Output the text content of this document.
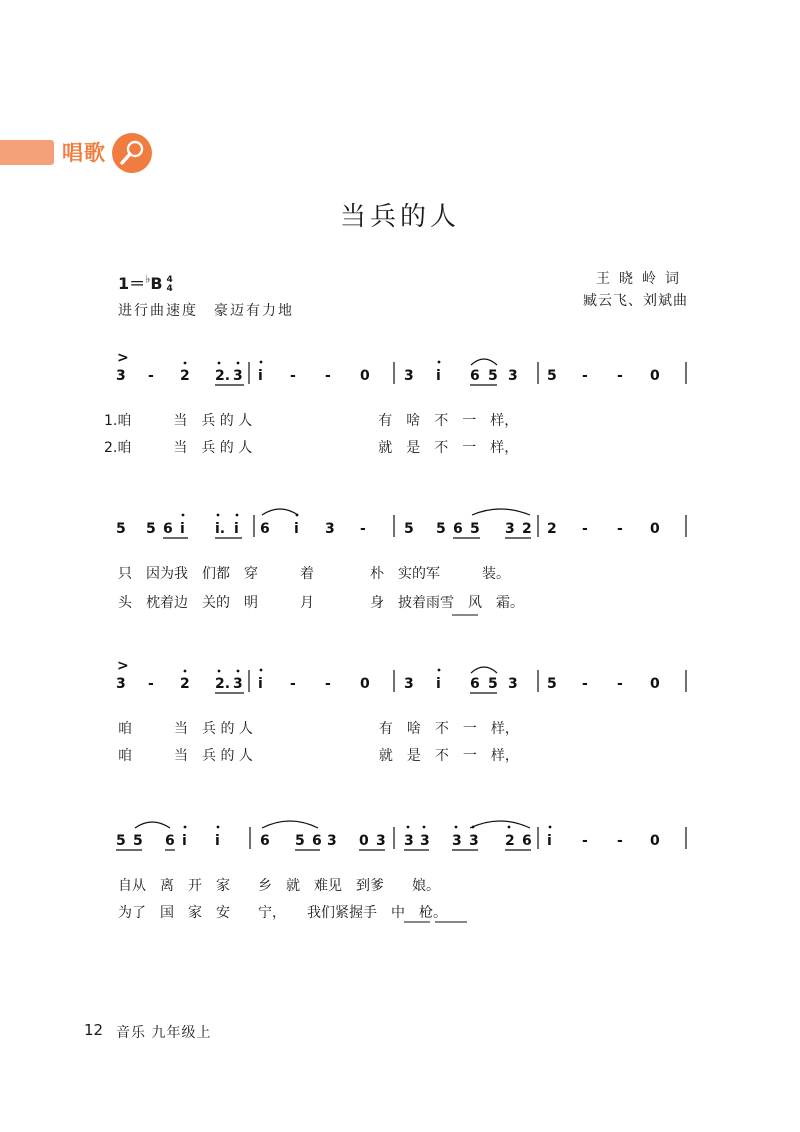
唱歌
当兵的人
1＝♭B 4
4
进行曲速度　豪迈有力地
王晓岭词
臧云飞、刘斌曲
3
>
- 2 2. 3 i - - 0 3 i 6 5 3 5 - - 0
5 5 6 i i. i 6 i 3 -	5 5 6 5 3 2 2 - - 0
3
>
- 2 2. 3 i - - 0 3 i 6 5 3 5 - - 0
5 5 6 i i	6 5 6 3 0 3 3 3 3 3 2 6 i - - 0
1.咱　　　当　兵 的 人　　　　　　　　　有　啥　不　一　样，
2.咱　　　当　兵 的 人　　　　　　　　　就　是　不　一　样，
只　因为我　们都　穿　　　着　　　　朴　实的军　　　装。
头　枕着边　关的　明　　　月　　　　身　披着雨雪　风　霜。
咱　　　当　兵 的 人　　　　　　　　　有　啥　不　一　样，
咱　　　当　兵 的 人　　　　　　　　　就　是　不　一　样，
自从　离　开　家　　乡　就　难见　到爹　　娘。
为了　国　家　安　　宁，　　我们紧握手　中　枪。
12 音乐 九年级上
